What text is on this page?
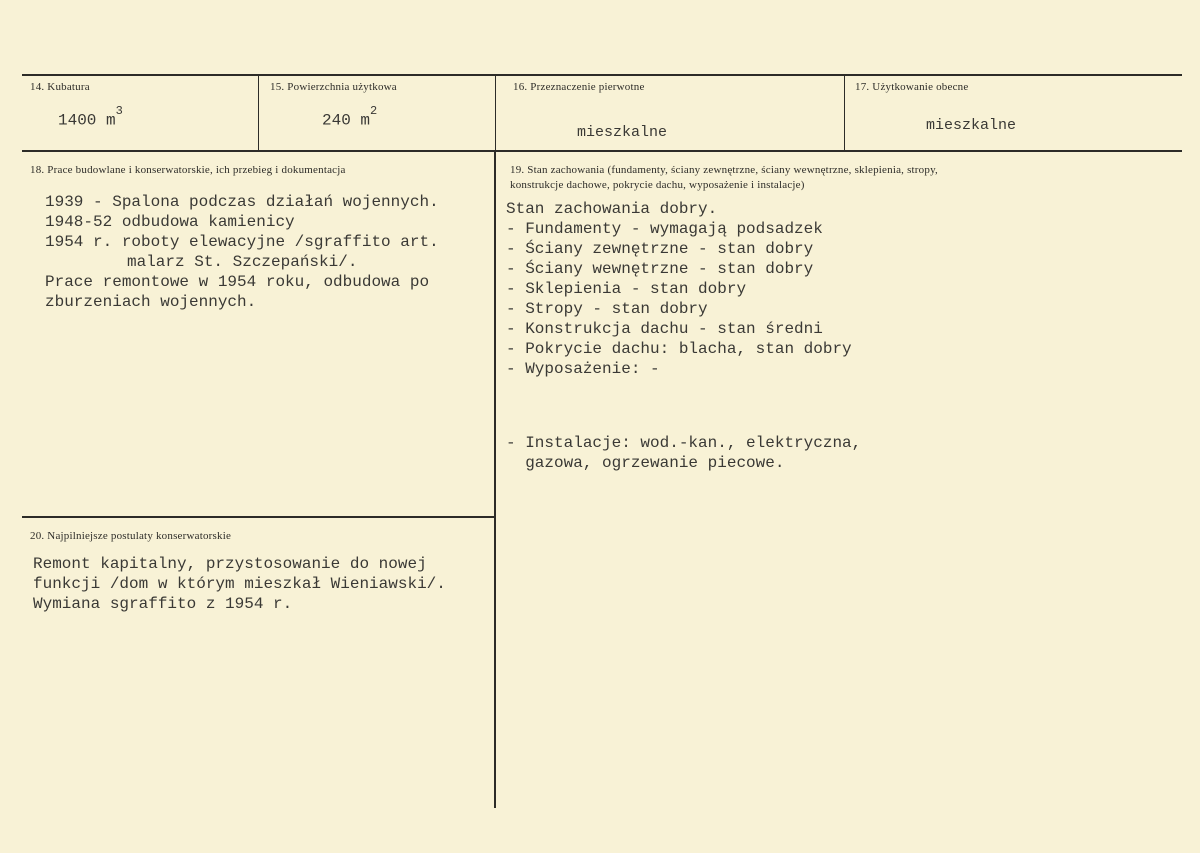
14. Kubatura
1400 $m^3$
15. Powierzchnia użytkowa
240 $m^2$
16. Przeznaczenie pierwotne
mieszkalne
17. Użytkowanie obecne
mieszkalne
18. Prace budowlane i konserwatorskie, ich przebieg i dokumentacja
1939 - Spalona podczas działań wojennych.
1948-52 odbudowa kamienicy
1954 r. roboty elewacyjne /sgraffito art.
malarz St. Szczepański/.
Prace remontowe w 1954 roku, odbudowa po
zburzeniach wojennych.
19. Stan zachowania (fundamenty, ściany zewnętrzne, ściany wewnętrzne, sklepienia, stropy,
konstrukcje dachowe, pokrycie dachu, wyposażenie i instalacje)
Stan zachowania dobry.
- Fundamenty - wymagają podsadzek
- Ściany zewnętrzne - stan dobry
- Ściany wewnętrzne - stan dobry
- Sklepienia - stan dobry
- Stropy - stan dobry
- Konstrukcja dachu - stan średni
- Pokrycie dachu: blacha, stan dobry
- Wyposażenie: -
- Instalacje: wod.-kan., elektryczna,
gazowa, ogrzewanie piecowe.
20. Najpilniejsze postulaty konserwatorskie
Remont kapitalny, przystosowanie do nowej
funkcji /dom w którym mieszkał Wieniawski/.
Wymiana sgraffito z 1954 r.
